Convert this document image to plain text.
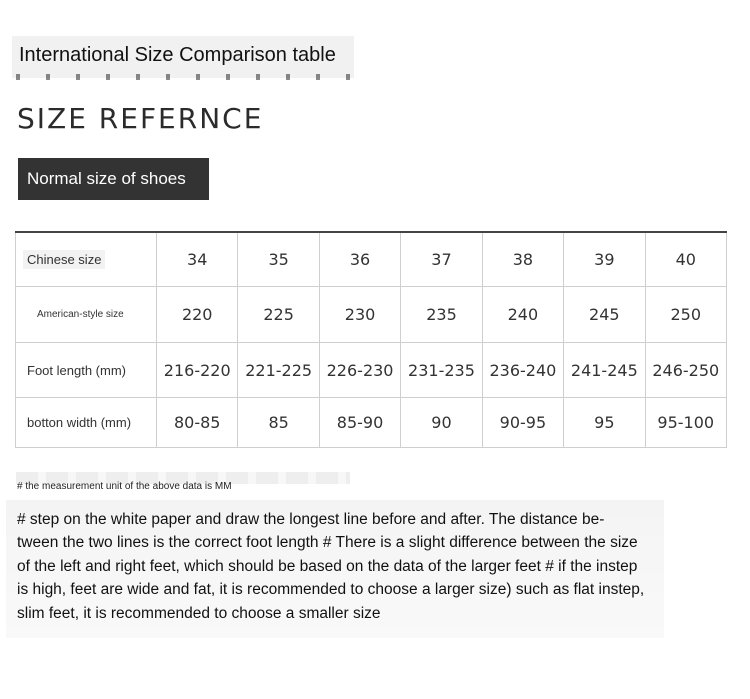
International Size Comparison table
SIZE REFERNCE
Normal size of shoes
Chinese size	34	35	36	37	38	39	40
American-style size	220	225	230	235	240	245	250
Foot length (mm)	216-220	221-225	226-230	231-235	236-240	241-245	246-250
botton width (mm)	80-85	85	85-90	90	90-95	95	95-100
# the measurement unit of the above data is MM
# step on the white paper and draw the longest line before and after. The distance be- tween the two lines is the correct foot length # There is a slight difference between the size of the left and right feet, which should be based on the data of the larger feet # if the instep is high, feet are wide and fat, it is recommended to choose a larger size) such as flat instep, slim feet, it is recommended to choose a smaller size
